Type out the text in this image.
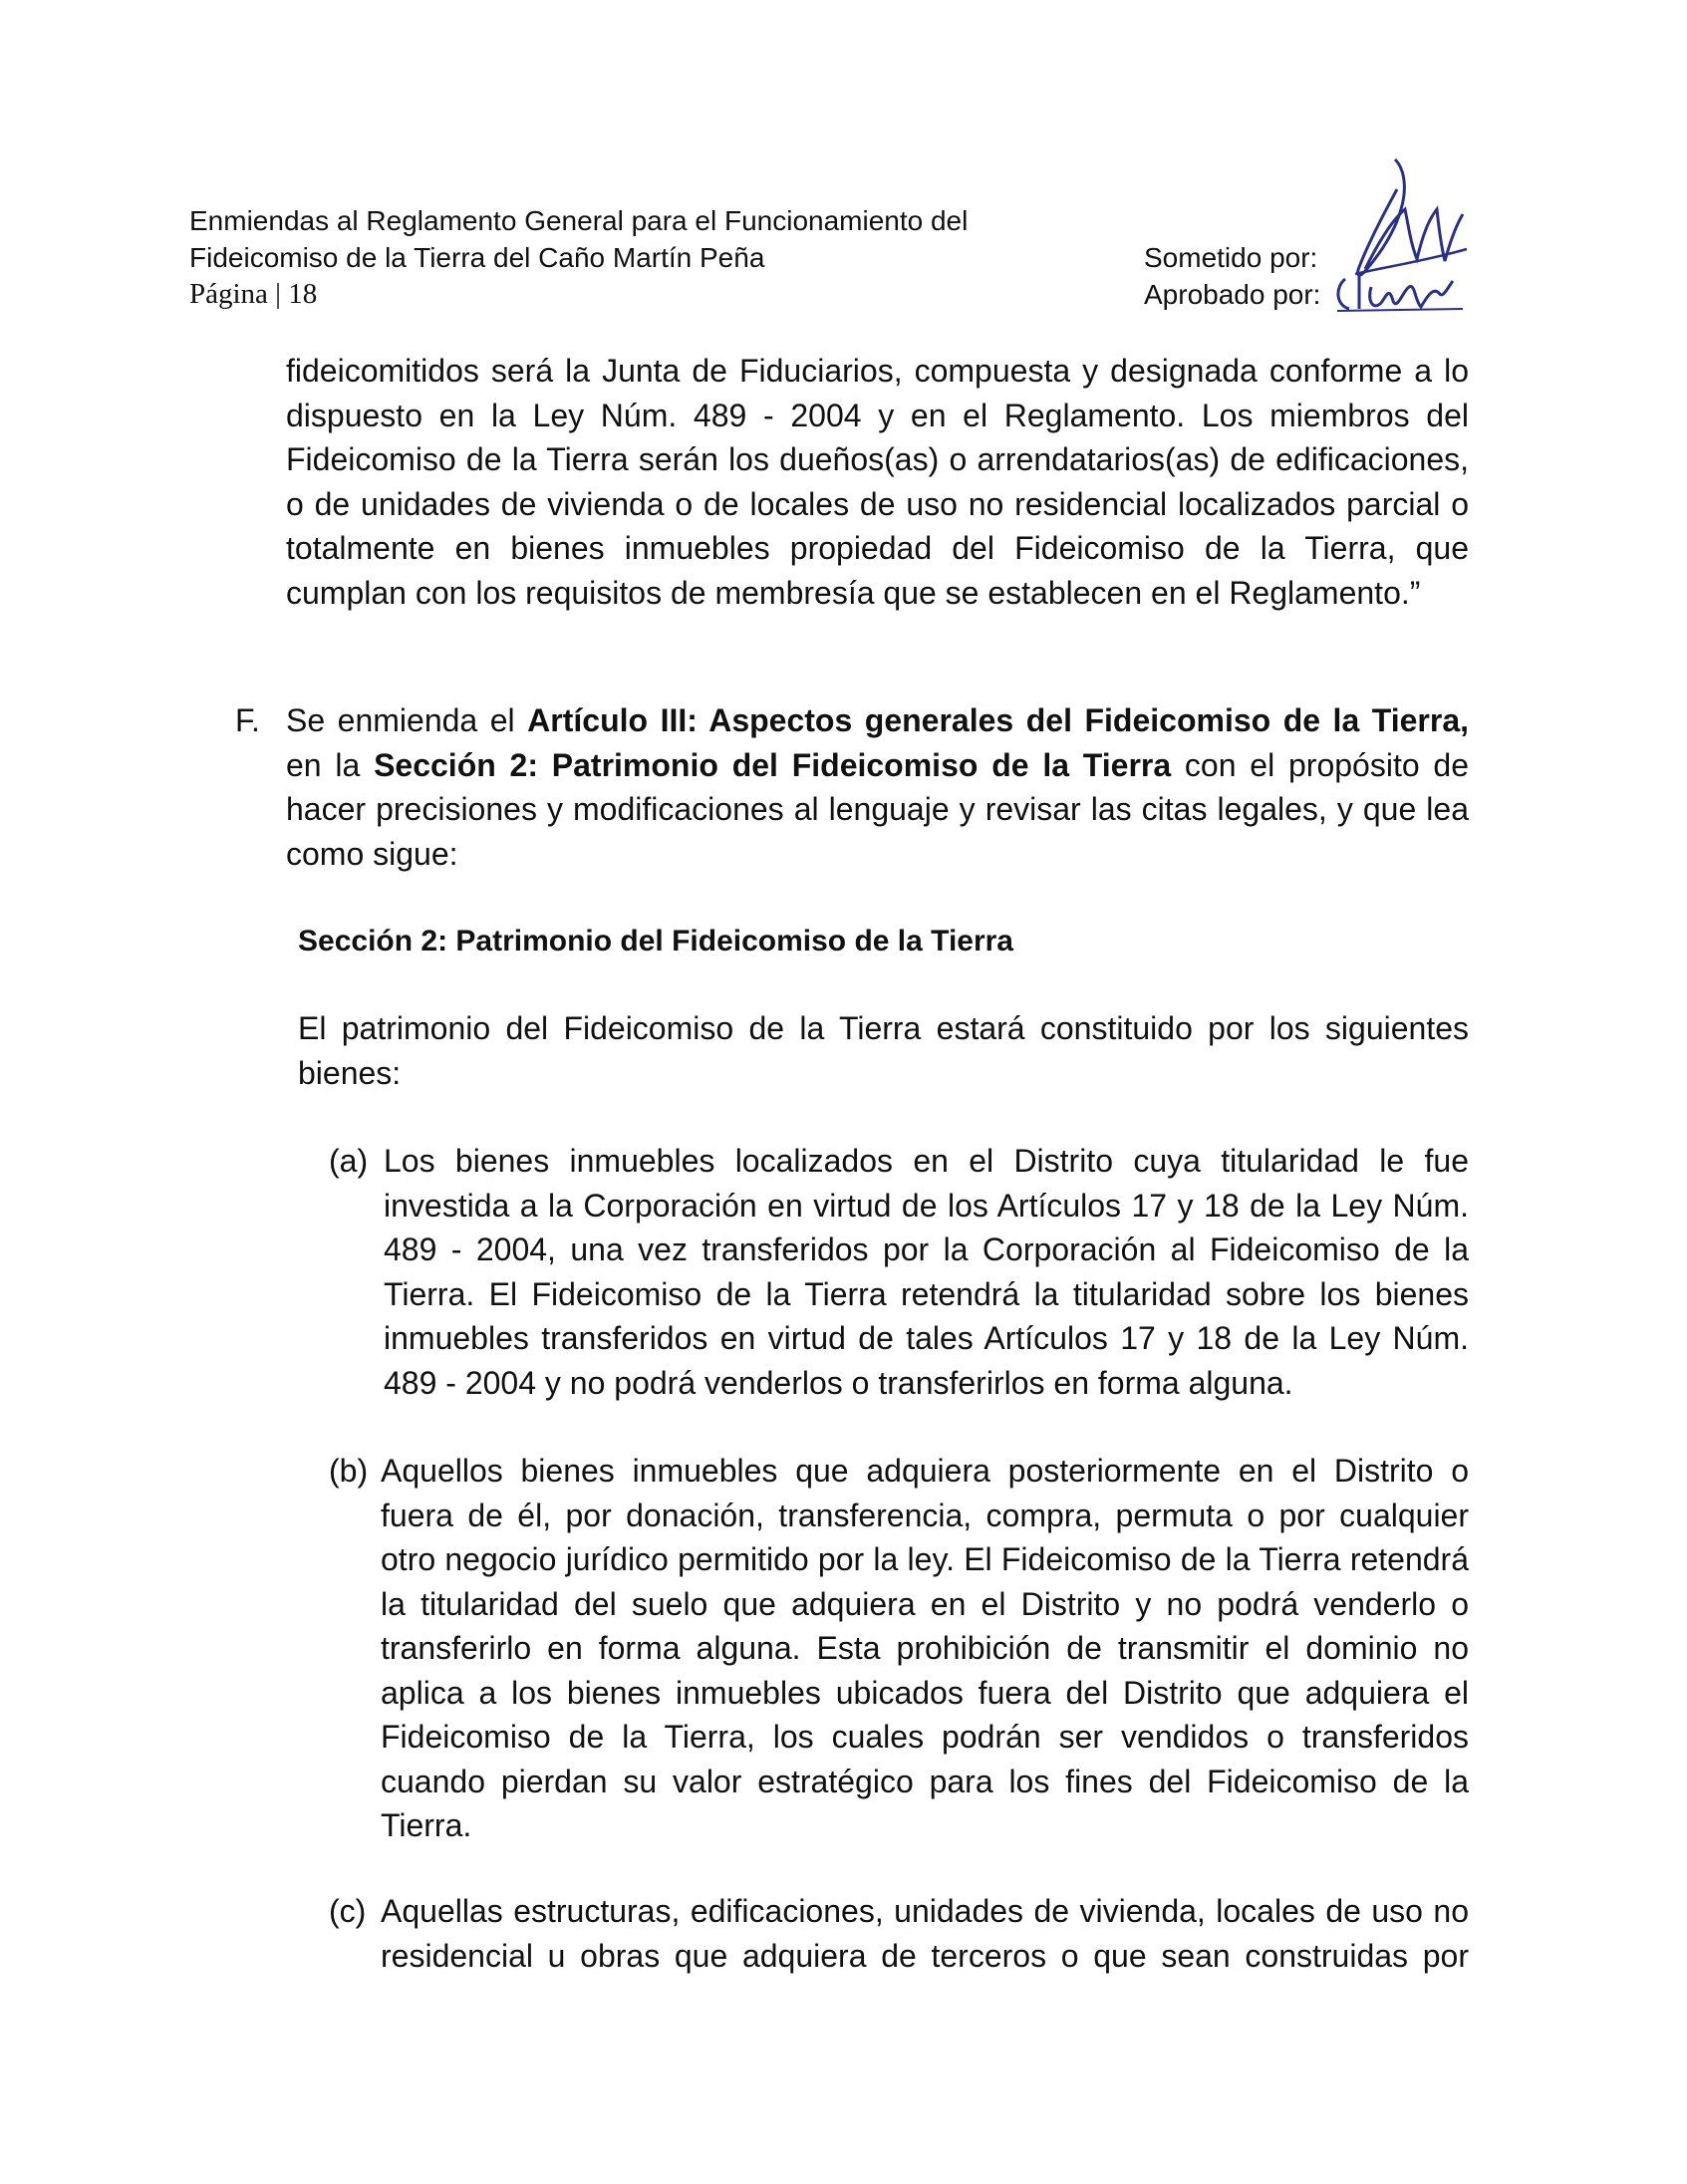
Enmiendas al Reglamento General para el Funcionamiento del
Fideicomiso de la Tierra del Caño Martín Peña
Página | 18
Sometido por:
Aprobado por:
fideicomitidos será la Junta de Fiduciarios, compuesta y designada conforme a lo dispuesto en la Ley Núm. 489 - 2004 y en el Reglamento. Los miembros del Fideicomiso de la Tierra serán los dueños(as) o arrendatarios(as) de edificaciones, o de unidades de vivienda o de locales de uso no residencial localizados parcial o totalmente en bienes inmuebles propiedad del Fideicomiso de la Tierra, que cumplan con los requisitos de membresía que se establecen en el Reglamento.”
F. Se enmienda el Artículo III: Aspectos generales del Fideicomiso de la Tierra, en la Sección 2: Patrimonio del Fideicomiso de la Tierra con el propósito de hacer precisiones y modificaciones al lenguaje y revisar las citas legales, y que lea como sigue:
Sección 2: Patrimonio del Fideicomiso de la Tierra
El patrimonio del Fideicomiso de la Tierra estará constituido por los siguientes bienes:
(a) Los bienes inmuebles localizados en el Distrito cuya titularidad le fue investida a la Corporación en virtud de los Artículos 17 y 18 de la Ley Núm. 489 - 2004, una vez transferidos por la Corporación al Fideicomiso de la Tierra. El Fideicomiso de la Tierra retendrá la titularidad sobre los bienes inmuebles transferidos en virtud de tales Artículos 17 y 18 de la Ley Núm. 489 - 2004 y no podrá venderlos o transferirlos en forma alguna.
(b) Aquellos bienes inmuebles que adquiera posteriormente en el Distrito o fuera de él, por donación, transferencia, compra, permuta o por cualquier otro negocio jurídico permitido por la ley. El Fideicomiso de la Tierra retendrá la titularidad del suelo que adquiera en el Distrito y no podrá venderlo o transferirlo en forma alguna. Esta prohibición de transmitir el dominio no aplica a los bienes inmuebles ubicados fuera del Distrito que adquiera el Fideicomiso de la Tierra, los cuales podrán ser vendidos o transferidos cuando pierdan su valor estratégico para los fines del Fideicomiso de la Tierra.
(c) Aquellas estructuras, edificaciones, unidades de vivienda, locales de uso no residencial u obras que adquiera de terceros o que sean construidas por
